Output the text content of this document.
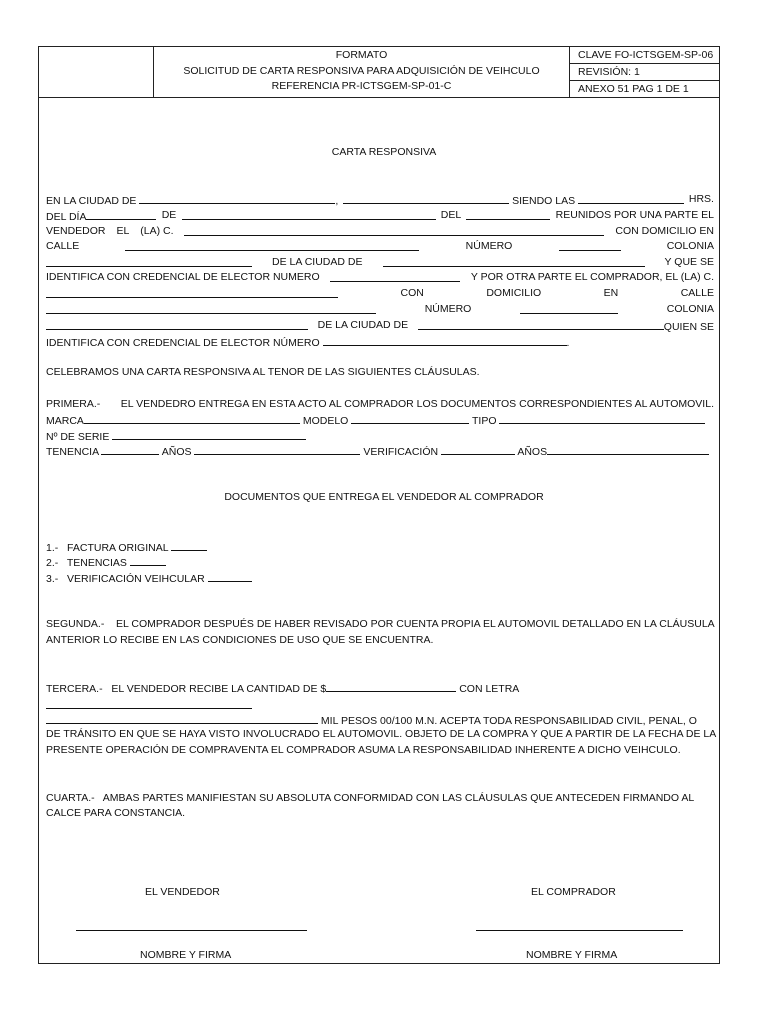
FORMATO
SOLICITUD DE CARTA RESPONSIVA PARA ADQUISICIÓN DE VEIHCULO
REFERENCIA PR-ICTSGEM-SP-01-C
CLAVE FO-ICTSGEM-SP-06
REVISIÓN: 1
ANEXO 51 PAG 1 DE 1
CARTA RESPONSIVA
EN LA CIUDAD DE	,	SIENDO LAS	HRS.
DEL DÍA	DE	DEL	REUNIDOS POR UNA PARTE EL
VENDEDOR EL (LA) C.	CON DOMICILIO EN
CALLE	NÚMERO	COLONIA
DE LA CIUDAD DE	Y QUE SE
IDENTIFICA CON CREDENCIAL DE ELECTOR NUMERO	Y POR OTRA PARTE EL COMPRADOR, EL (LA) C.
CON	DOMICILIO	EN	CALLE
NÚMERO	COLONIA
DE LA CIUDAD DE	QUIEN SE
IDENTIFICA CON CREDENCIAL DE ELECTOR NÚMERO	.
CELEBRAMOS UNA CARTA RESPONSIVA AL TENOR DE LAS SIGUIENTES CLÁUSULAS.
PRIMERA.- EL VENDEDRO ENTREGA EN ESTA ACTO AL COMPRADOR LOS DOCUMENTOS CORRESPONDIENTES AL AUTOMOVIL.
MARCA	MODELO	TIPO
Nº DE SERIE
TENENCIA	AÑOS	VERIFICACIÓN	AÑOS
DOCUMENTOS QUE ENTREGA EL VENDEDOR AL COMPRADOR
1.- FACTURA ORIGINAL
2.- TENENCIAS
3.- VERIFICACIÓN VEIHCULAR
SEGUNDA.-    EL COMPRADOR DESPUÉS DE HABER REVISADO POR CUENTA PROPIA EL AUTOMOVIL DETALLADO EN LA CLÁUSULA
ANTERIOR LO RECIBE EN LAS CONDICIONES DE USO QUE SE ENCUENTRA.
TERCERA.-   EL VENDEDOR RECIBE LA CANTIDAD DE $	CON LETRA
MIL PESOS 00/100 M.N. ACEPTA TODA RESPONSABILIDAD CIVIL, PENAL, O
DE TRÁNSITO EN QUE SE HAYA VISTO INVOLUCRADO EL AUTOMOVIL. OBJETO DE LA COMPRA Y QUE A PARTIR DE LA FECHA DE LA
PRESENTE OPERACIÓN DE COMPRAVENTA EL COMPRADOR ASUMA LA RESPONSABILIDAD INHERENTE A DICHO VEIHCULO.
CUARTA.-   AMBAS PARTES MANIFIESTAN SU ABSOLUTA CONFORMIDAD CON LAS CLÁUSULAS QUE ANTECEDEN FIRMANDO AL
CALCE PARA CONSTANCIA.
EL VENDEDOR	EL COMPRADOR
NOMBRE Y FIRMA	NOMBRE Y FIRMA
